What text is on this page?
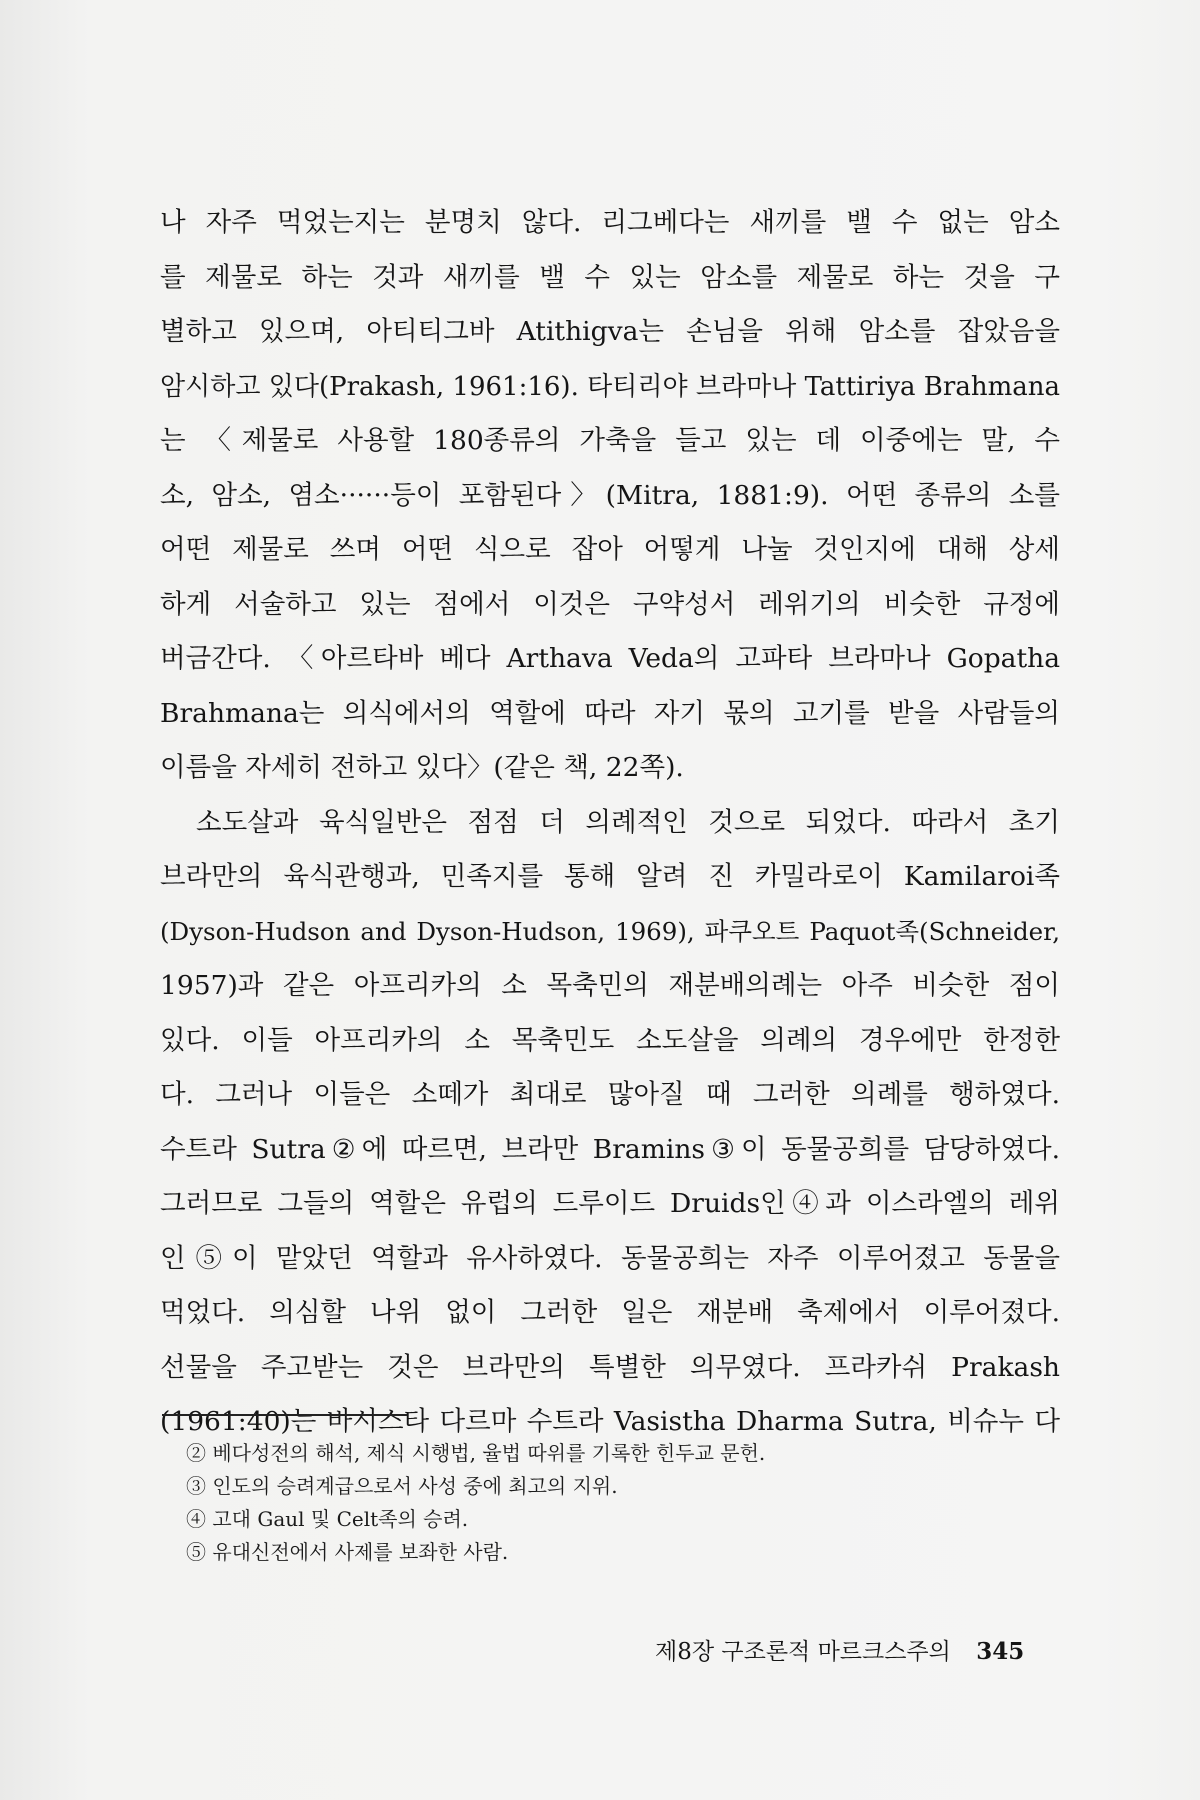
나 자주 먹었는지는 분명치 않다. 리그베다는 새끼를 밸 수 없는 암소
를 제물로 하는 것과 새끼를 밸 수 있는 암소를 제물로 하는 것을 구
별하고 있으며, 아티티그바 Atithigva는 손님을 위해 암소를 잡았음을
암시하고 있다(Prakash, 1961:16). 타티리야 브라마나 Tattiriya Brahmana
는 〈제물로 사용할 180종류의 가축을 들고 있는 데 이중에는 말, 수
소, 암소, 염소······등이 포함된다〉(Mitra, 1881:9). 어떤 종류의 소를
어떤 제물로 쓰며 어떤 식으로 잡아 어떻게 나눌 것인지에 대해 상세
하게 서술하고 있는 점에서 이것은 구약성서 레위기의 비슷한 규정에
버금간다. 〈아르타바 베다 Arthava Veda의 고파타 브라마나 Gopatha
Brahmana는 의식에서의 역할에 따라 자기 몫의 고기를 받을 사람들의
이름을 자세히 전하고 있다〉(같은 책, 22쪽).
소도살과 육식일반은 점점 더 의례적인 것으로 되었다. 따라서 초기
브라만의 육식관행과, 민족지를 통해 알려 진 카밀라로이 Kamilaroi족
(Dyson-Hudson and Dyson-Hudson, 1969), 파쿠오트 Paquot족(Schneider,
1957)과 같은 아프리카의 소 목축민의 재분배의례는 아주 비슷한 점이
있다. 이들 아프리카의 소 목축민도 소도살을 의례의 경우에만 한정한
다. 그러나 이들은 소떼가 최대로 많아질 때 그러한 의례를 행하였다.
수트라 Sutra②에 따르면, 브라만 Bramins③이 동물공희를 담당하였다.
그러므로 그들의 역할은 유럽의 드루이드 Druids인④과 이스라엘의 레위
인⑤이 맡았던 역할과 유사하였다. 동물공희는 자주 이루어졌고 동물을
먹었다. 의심할 나위 없이 그러한 일은 재분배 축제에서 이루어졌다.
선물을 주고받는 것은 브라만의 특별한 의무였다. 프라카쉬 Prakash
(1961:40)는 바시스타 다르마 수트라 Vasistha Dharma Sutra, 비슈누 다
② 베다성전의 해석, 제식 시행법, 율법 따위를 기록한 힌두교 문헌.
③ 인도의 승려계급으로서 사성 중에 최고의 지위.
④ 고대 Gaul 및 Celt족의 승려.
⑤ 유대신전에서 사제를 보좌한 사람.
제8장 구조론적 마르크스주의 345
